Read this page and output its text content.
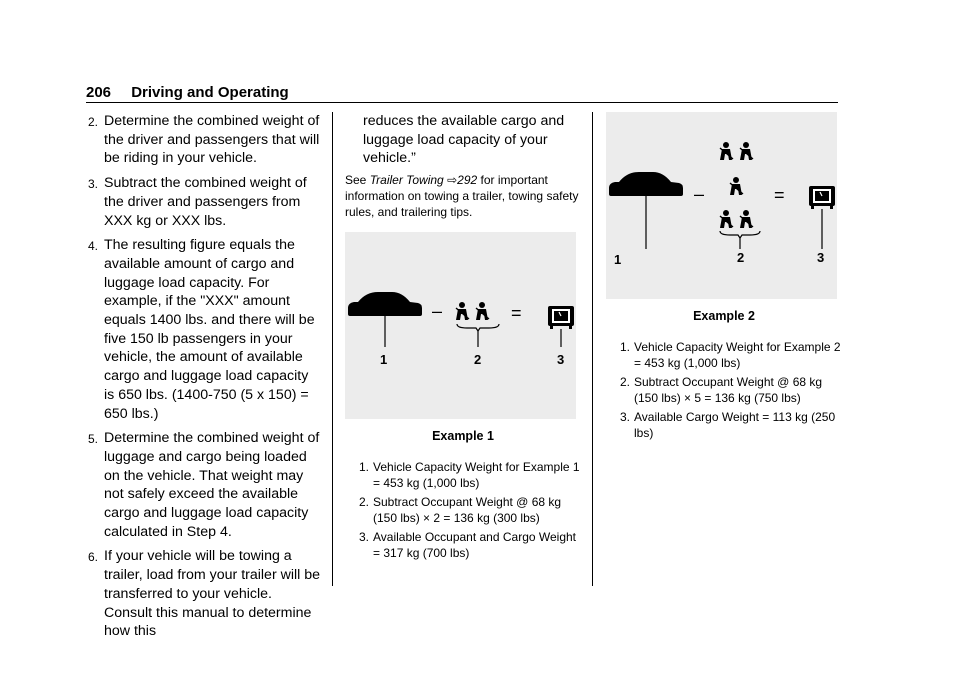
206 Driving and Operating
2. Determine the combined weight of the driver and passengers that will be riding in your vehicle.
3. Subtract the combined weight of the driver and passengers from XXX kg or XXX lbs.
4. The resulting figure equals the available amount of cargo and luggage load capacity. For example, if the "XXX" amount equals 1400 lbs. and there will be five 150 lb passengers in your vehicle, the amount of available cargo and luggage load capacity is 650 lbs. (1400-750 (5 x 150) = 650 lbs.)
5. Determine the combined weight of luggage and cargo being loaded on the vehicle. That weight may not safely exceed the available cargo and luggage load capacity calculated in Step 4.
6. If your vehicle will be towing a trailer, load from your trailer will be transferred to your vehicle. Consult this manual to determine how this

reduces the available cargo and luggage load capacity of your vehicle.”

See Trailer Towing ⇨292 for important information on towing a trailer, towing safety rules, and trailering tips.

–	=
1	2	3
Example 1
1. Vehicle Capacity Weight for Example 1 = 453 kg (1,000 lbs)
2. Subtract Occupant Weight @ 68 kg (150 lbs) × 2 = 136 kg (300 lbs)
3. Available Occupant and Cargo Weight = 317 kg (700 lbs)
–	=
1	2	3
Example 2
1. Vehicle Capacity Weight for Example 2 = 453 kg (1,000 lbs)
2. Subtract Occupant Weight @ 68 kg (150 lbs) × 5 = 136 kg (750 lbs)
3. Available Cargo Weight = 113 kg (250 lbs)
